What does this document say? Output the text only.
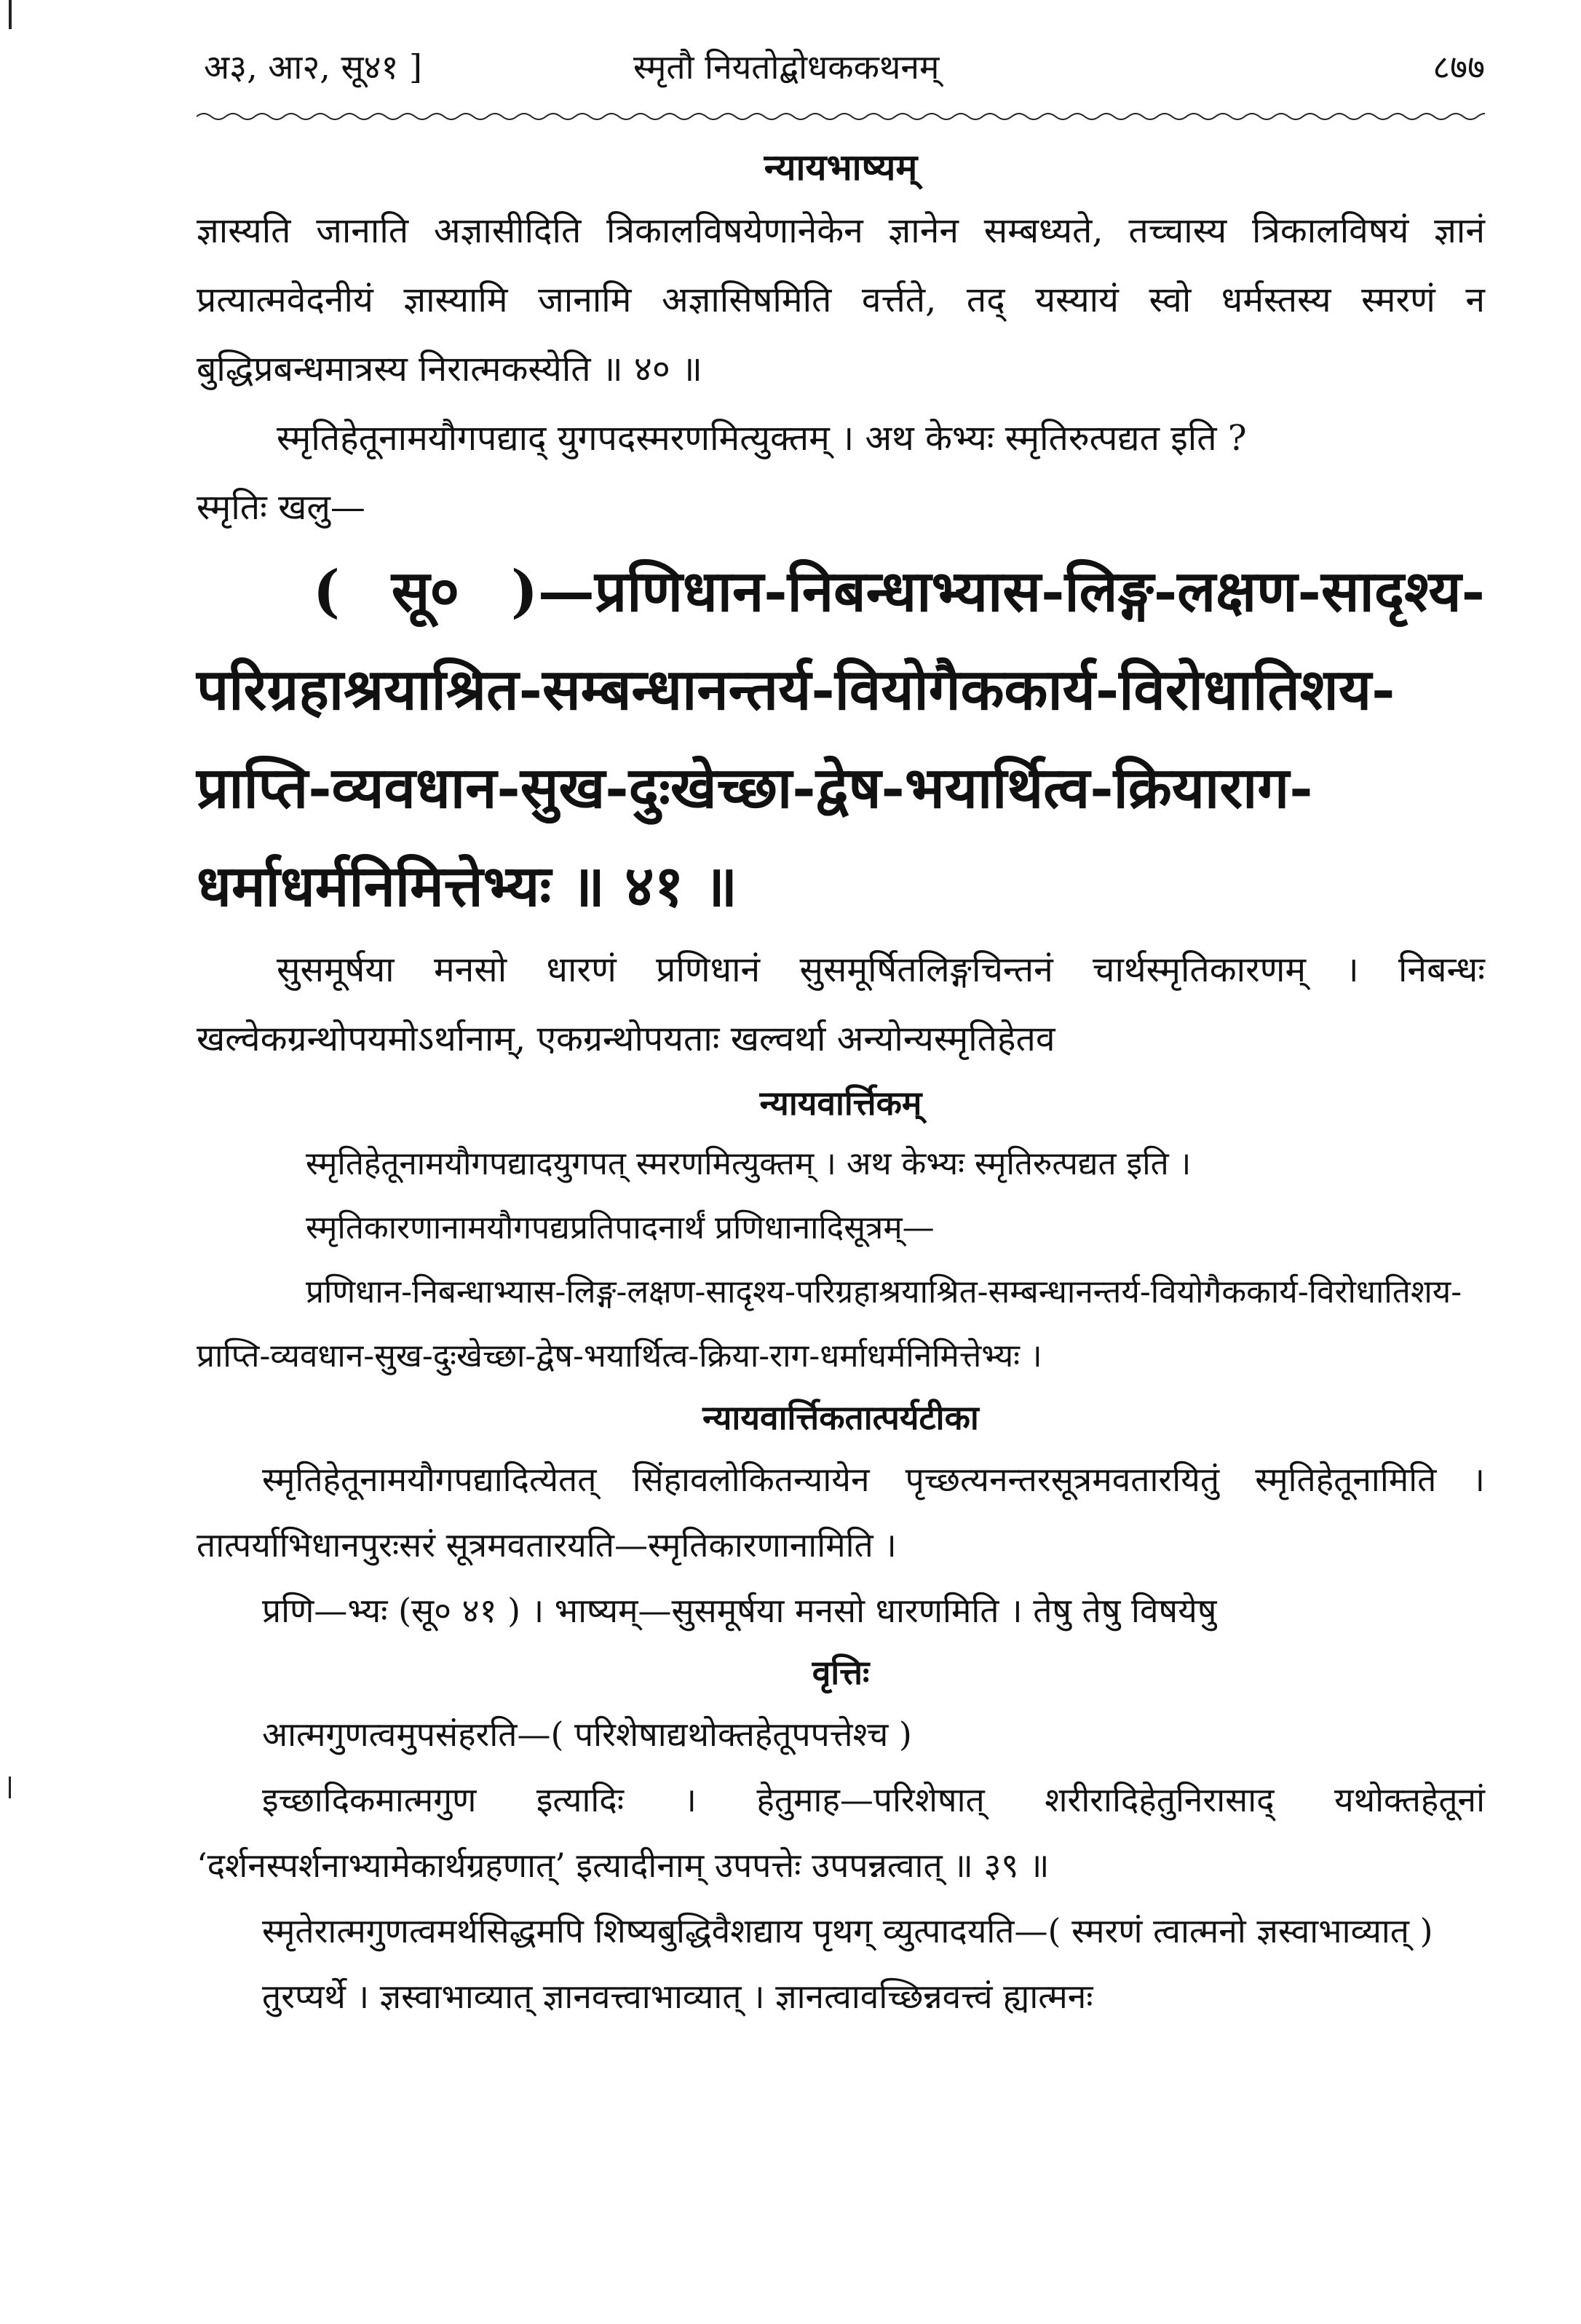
अ३, आ२, सू४१ ]	स्मृतौ नियतोद्बोधककथनम्	८७७
न्यायभाष्यम्

ज्ञास्यति जानाति अज्ञासीदिति त्रिकालविषयेणानेकेन ज्ञानेन सम्बध्यते, तच्चास्य त्रिकालविषयं ज्ञानं प्रत्यात्मवेदनीयं ज्ञास्यामि जानामि अज्ञासिषमिति वर्त्तते, तद् यस्यायं स्वो धर्मस्तस्य स्मरणं न बुद्धिप्रबन्धमात्रस्य निरात्मकस्येति ॥ ४० ॥

स्मृतिहेतूनामयौगपद्याद् युगपदस्मरणमित्युक्तम् । अथ केभ्यः स्मृतिरुत्पद्यत इति ?

स्मृतिः खलु—

( सू० )—प्रणिधान-निबन्धाभ्यास-लिङ्ग-लक्षण-सादृश्य-परिग्रहाश्रयाश्रित-सम्बन्धानन्तर्य-वियोगैककार्य-विरोधातिशय-प्राप्ति-व्यवधान-सुख-दुःखेच्छा-द्वेष-भयार्थित्व-क्रियाराग-धर्माधर्मनिमित्तेभ्यः ॥ ४१ ॥

सुसमूर्षया मनसो धारणं प्रणिधानं सुसमूर्षितलिङ्गचिन्तनं चार्थस्मृतिकारणम् । निबन्धः खल्वेकग्रन्थोपयमोऽर्थानाम्, एकग्रन्थोपयताः खल्वर्था अन्योन्यस्मृतिहेतव

न्यायवार्त्तिकम्

स्मृतिहेतूनामयौगपद्यादयुगपत् स्मरणमित्युक्तम् । अथ केभ्यः स्मृतिरुत्पद्यत इति ।

स्मृतिकारणानामयौगपद्यप्रतिपादनार्थं प्रणिधानादिसूत्रम्—

प्रणिधान-निबन्धाभ्यास-लिङ्ग-लक्षण-सादृश्य-परिग्रहाश्रयाश्रित-सम्बन्धानन्तर्य-वियोगैककार्य-विरोधातिशय-प्राप्ति-व्यवधान-सुख-दुःखेच्छा-द्वेष-भयार्थित्व-क्रिया-राग-धर्माधर्मनिमित्तेभ्यः ।

न्यायवार्त्तिकतात्पर्यटीका

स्मृतिहेतूनामयौगपद्यादित्येतत् सिंहावलोकितन्यायेन पृच्छत्यनन्तरसूत्रमवतारयितुं स्मृतिहेतूनामिति । तात्पर्याभिधानपुरःसरं सूत्रमवतारयति—स्मृतिकारणानामिति ।

प्रणि—भ्यः (सू० ४१ ) । भाष्यम्—सुसमूर्षया मनसो धारणमिति । तेषु तेषु विषयेषु

वृत्तिः

आत्मगुणत्वमुपसंहरति—( परिशेषाद्यथोक्तहेतूपपत्तेश्च )

इच्छादिकमात्मगुण इत्यादिः । हेतुमाह—परिशेषात् शरीरादिहेतुनिरासाद् यथोक्तहेतूनां ‘दर्शनस्पर्शनाभ्यामेकार्थग्रहणात्’ इत्यादीनाम् उपपत्तेः उपपन्नत्वात् ॥ ३९ ॥

स्मृतेरात्मगुणत्वमर्थसिद्धमपि शिष्यबुद्धिवैशद्याय पृथग् व्युत्पादयति—( स्मरणं त्वात्मनो ज्ञस्वाभाव्यात् )

तुरप्यर्थे । ज्ञस्वाभाव्यात् ज्ञानवत्त्वाभाव्यात् । ज्ञानत्वावच्छिन्नवत्त्वं ह्यात्मनः
